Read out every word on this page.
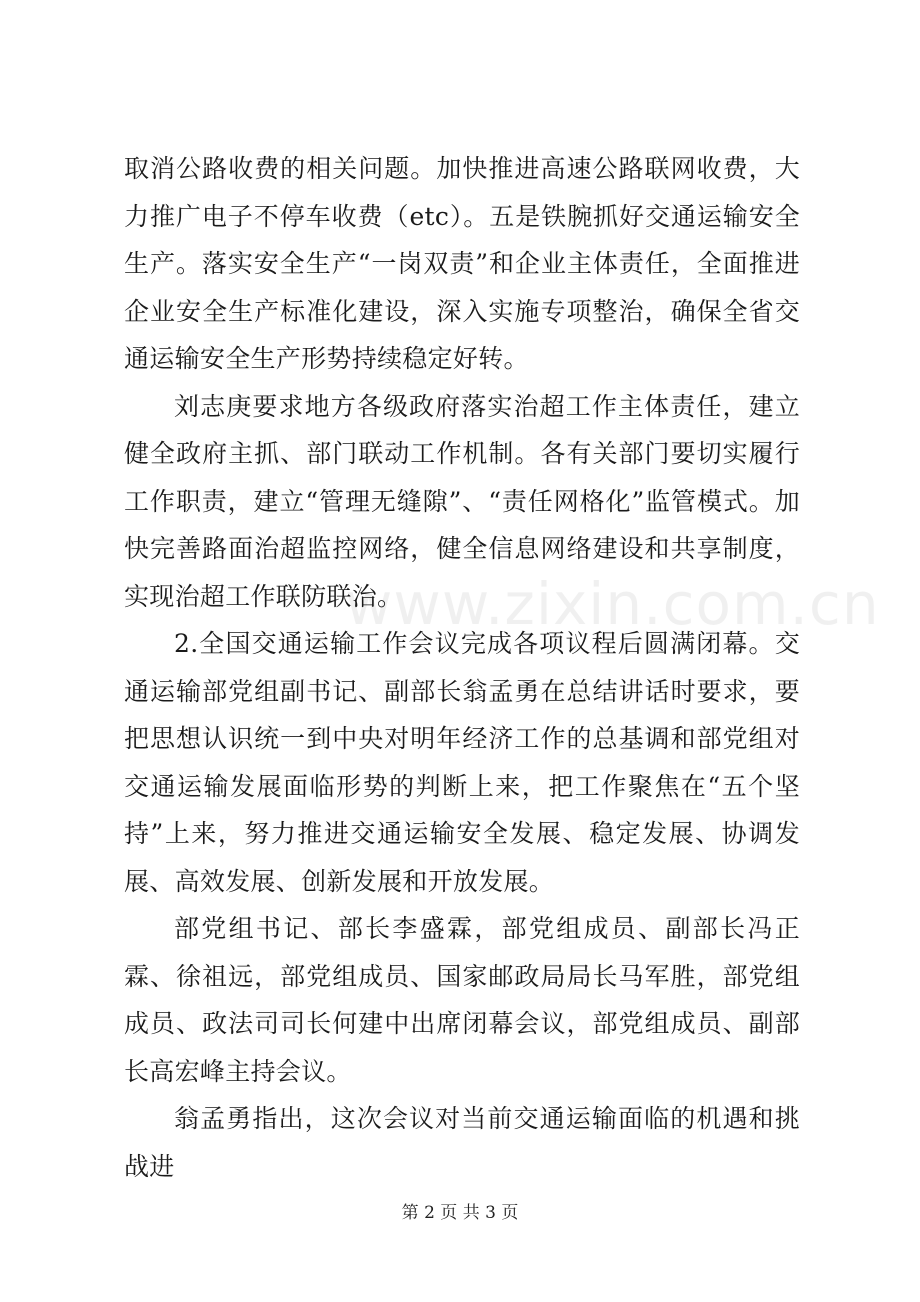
取消公路收费的相关问题。加快推进高速公路联网收费，大力推广电子不停车收费（etc）。五是铁腕抓好交通运输安全生产。落实安全生产“一岗双责”和企业主体责任，全面推进企业安全生产标准化建设，深入实施专项整治，确保全省交通运输安全生产形势持续稳定好转。

刘志庚要求地方各级政府落实治超工作主体责任，建立健全政府主抓、部门联动工作机制。各有关部门要切实履行工作职责，建立“管理无缝隙”、“责任网格化”监管模式。加快完善路面治超监控网络，健全信息网络建设和共享制度，实现治超工作联防联治。

2.全国交通运输工作会议完成各项议程后圆满闭幕。交通运输部党组副书记、副部长翁孟勇在总结讲话时要求，要把思想认识统一到中央对明年经济工作的总基调和部党组对交通运输发展面临形势的判断上来，把工作聚焦在“五个坚持”上来，努力推进交通运输安全发展、稳定发展、协调发展、高效发展、创新发展和开放发展。

部党组书记、部长李盛霖，部党组成员、副部长冯正霖、徐祖远，部党组成员、国家邮政局局长马军胜，部党组成员、政法司司长何建中出席闭幕会议，部党组成员、副部长高宏峰主持会议。

翁孟勇指出，这次会议对当前交通运输面临的机遇和挑战进

www.zixin.com.cn
第 2 页 共 3 页
